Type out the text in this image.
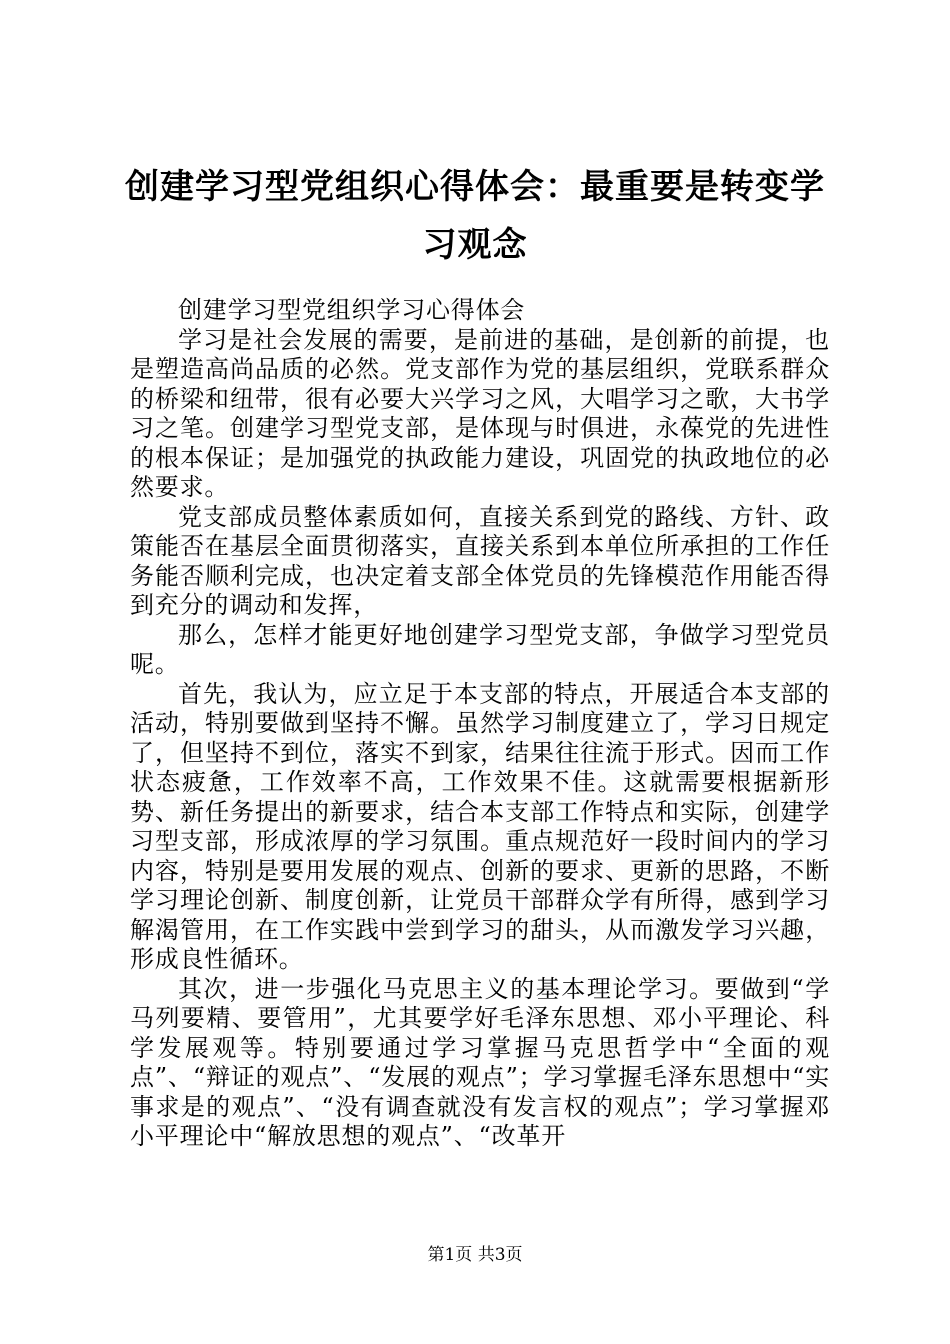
创建学习型党组织心得体会：最重要是转变学习观念

创建学习型党组织学习心得体会

学习是社会发展的需要，是前进的基础，是创新的前提，也是塑造高尚品质的必然。党支部作为党的基层组织，党联系群众的桥梁和纽带，很有必要大兴学习之风，大唱学习之歌，大书学习之笔。创建学习型党支部，是体现与时俱进，永葆党的先进性的根本保证；是加强党的执政能力建设，巩固党的执政地位的必然要求。

党支部成员整体素质如何，直接关系到党的路线、方针、政策能否在基层全面贯彻落实，直接关系到本单位所承担的工作任务能否顺利完成，也决定着支部全体党员的先锋模范作用能否得到充分的调动和发挥，

那么，怎样才能更好地创建学习型党支部，争做学习型党员呢。

首先，我认为，应立足于本支部的特点，开展适合本支部的活动，特别要做到坚持不懈。虽然学习制度建立了，学习日规定了，但坚持不到位，落实不到家，结果往往流于形式。因而工作状态疲惫，工作效率不高，工作效果不佳。这就需要根据新形势、新任务提出的新要求，结合本支部工作特点和实际，创建学习型支部，形成浓厚的学习氛围。重点规范好一段时间内的学习内容，特别是要用发展的观点、创新的要求、更新的思路，不断学习理论创新、制度创新，让党员干部群众学有所得，感到学习解渴管用，在工作实践中尝到学习的甜头，从而激发学习兴趣，形成良性循环。

其次，进一步强化马克思主义的基本理论学习。要做到“学马列要精、要管用”，尤其要学好毛泽东思想、邓小平理论、科学发展观等。特别要通过学习掌握马克思哲学中“全面的观点”、“辩证的观点”、“发展的观点”；学习掌握毛泽东思想中“实事求是的观点”、“没有调查就没有发言权的观点”；学习掌握邓小平理论中“解放思想的观点”、“改革开

第1页 共3页
